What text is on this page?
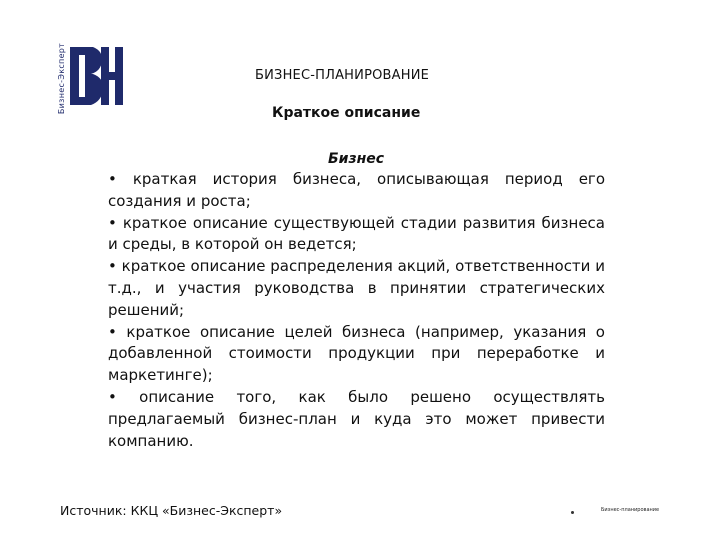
Бизнес-Эксперт	БИЗНЕС-ПЛАНИРОВАНИЕ
Краткое описание
Бизнес

• краткая история бизнеса, описывающая период его создания и роста;

• краткое описание существующей стадии развития бизнеса и среды, в которой он ведется;

• краткое описание распределения акций, ответственности и т.д., и участия руководства в принятии стратегических решений;

• краткое описание целей бизнеса (например, указания о добавленной стоимости продукции при переработке и маркетинге);

• описание того, как было решено осуществлять предлагаемый бизнес-план и куда это может привести компанию.

Источник: ККЦ «Бизнес-Эксперт»	Бизнес-планирование
